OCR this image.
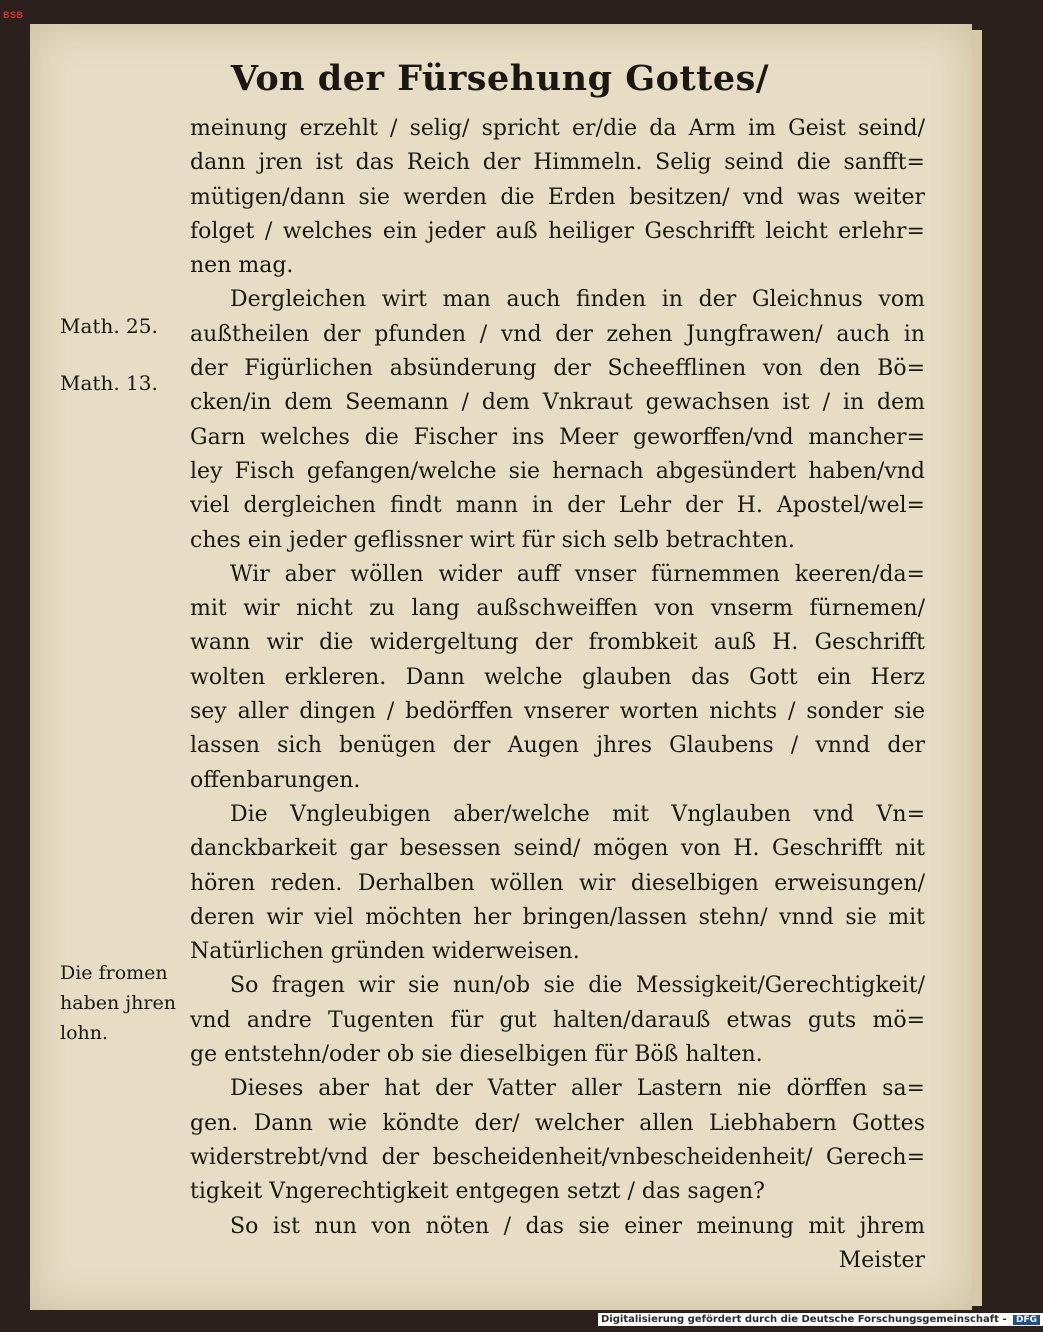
BSB
Von der Fürsehung Gottes/
meinung erzehlt / selig/ spricht er/die da Arm im Geist seind/
dann jren ist das Reich der Himmeln. Selig seind die sanfft=
mütigen/dann sie werden die Erden besitzen/ vnd was weiter
folget / welches ein jeder auß heiliger Geschrifft leicht erlehr=
nen mag.
Dergleichen wirt man auch finden in der Gleichnus vom
außtheilen der pfunden / vnd der zehen Jungfrawen/ auch in
der Figürlichen absünderung der Scheefflinen von den Bö=
cken/in dem Seemann / dem Vnkraut gewachsen ist / in dem
Garn welches die Fischer ins Meer geworffen/vnd mancher=
ley Fisch gefangen/welche sie hernach abgesündert haben/vnd
viel dergleichen findt mann in der Lehr der H. Apostel/wel=
ches ein jeder geflissner wirt für sich selb betrachten.
Wir aber wöllen wider auff vnser fürnemmen keeren/da=
mit wir nicht zu lang außschweiffen von vnserm fürnemen/
wann wir die widergeltung der frombkeit auß H. Geschrifft
wolten erkleren. Dann welche glauben das Gott ein Herz
sey aller dingen / bedörffen vnserer worten nichts / sonder sie
lassen sich benügen der Augen jhres Glaubens / vnnd der
offenbarungen.
Die Vngleubigen aber/welche mit Vnglauben vnd Vn=
danckbarkeit gar besessen seind/ mögen von H. Geschrifft nit
hören reden. Derhalben wöllen wir dieselbigen erweisungen/
deren wir viel möchten her bringen/lassen stehn/ vnnd sie mit
Natürlichen gründen widerweisen.
So fragen wir sie nun/ob sie die Messigkeit/Gerechtigkeit/
vnd andre Tugenten für gut halten/darauß etwas guts mö=
ge entstehn/oder ob sie dieselbigen für Böß halten.
Dieses aber hat der Vatter aller Lastern nie dörffen sa=
gen. Dann wie köndte der/ welcher allen Liebhabern Gottes
widerstrebt/vnd der bescheidenheit/vnbescheidenheit/ Gerech=
tigkeit Vngerechtigkeit entgegen setzt / das sagen?
So ist nun von nöten / das sie einer meinung mit jhrem
Meister
Math. 25.
Math. 13.
Die fromen
haben jhren
lohn.
Digitalisierung gefördert durch die Deutsche Forschungsgemeinschaft - DFG
